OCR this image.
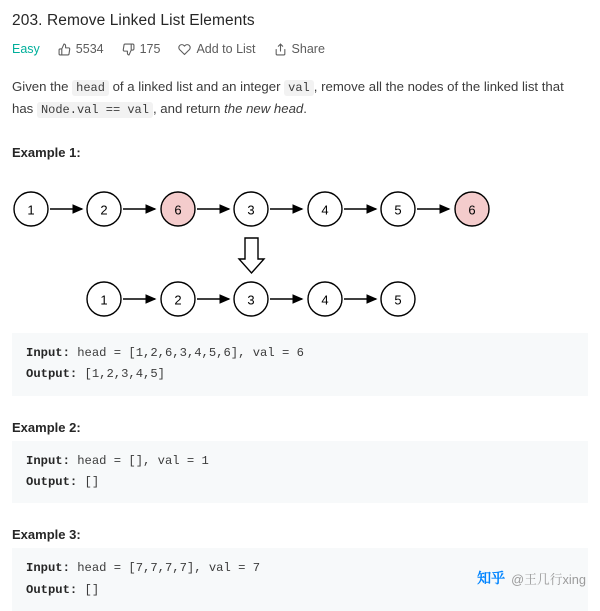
203. Remove Linked List Elements
Easy	5534	175	Add to List	Share
Given the head of a linked list and an integer val , remove all the nodes of the linked list that has Node.val == val , and return the new head.
Example 1:
1	2	6	3	4	5	6
1	2	3	4	5
Input: head = [1,2,6,3,4,5,6], val = 6
Output: [1,2,3,4,5]
Example 2:
Input: head = [], val = 1
Output: []
Example 3:
Input: head = [7,7,7,7], val = 7
Output: []
知乎 @王几行xing
